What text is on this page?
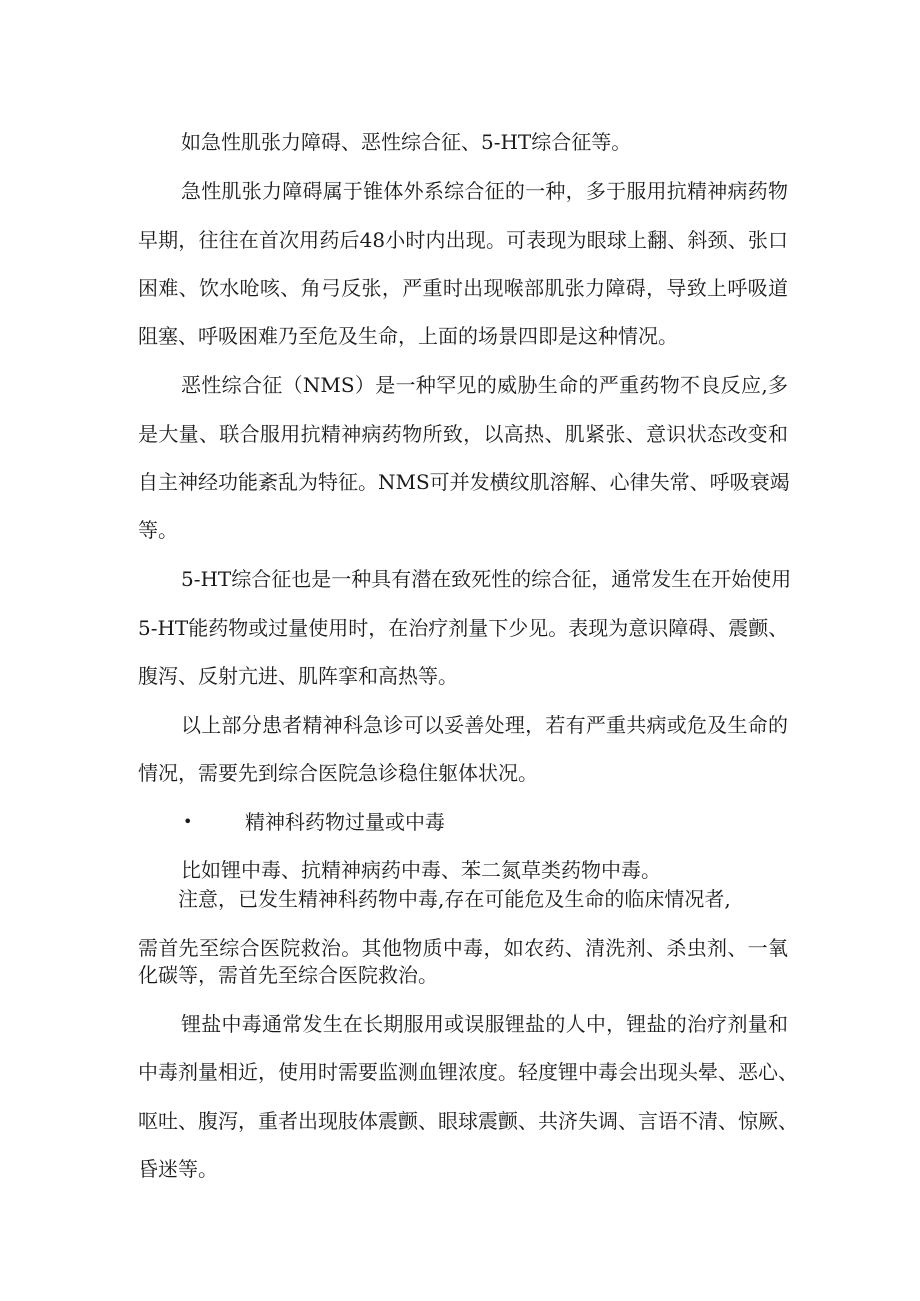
如急性肌张力障碍、恶性综合征、5-HT综合征等。
急性肌张力障碍属于锥体外系综合征的一种，多于服用抗精神病药物
早期，往往在首次用药后48小时内出现。可表现为眼球上翻、斜颈、张口
困难、饮水呛咳、角弓反张，严重时出现喉部肌张力障碍，导致上呼吸道
阻塞、呼吸困难乃至危及生命，上面的场景四即是这种情况。
恶性综合征（NMS）是一种罕见的威胁生命的严重药物不良反应,多
是大量、联合服用抗精神病药物所致，以高热、肌紧张、意识状态改变和
自主神经功能紊乱为特征。NMS可并发横纹肌溶解、心律失常、呼吸衰竭
等。
5-HT综合征也是一种具有潜在致死性的综合征，通常发生在开始使用
5-HT能药物或过量使用时，在治疗剂量下少见。表现为意识障碍、震颤、
腹泻、反射亢进、肌阵挛和高热等。
以上部分患者精神科急诊可以妥善处理，若有严重共病或危及生命的
情况，需要先到综合医院急诊稳住躯体状况。
•	精神科药物过量或中毒
比如锂中毒、抗精神病药中毒、苯二氮草类药物中毒。
注意，已发生精神科药物中毒,存在可能危及生命的临床情况者,
需首先至综合医院救治。其他物质中毒，如农药、清洗剂、杀虫剂、一氧
化碳等，需首先至综合医院救治。
锂盐中毒通常发生在长期服用或误服锂盐的人中，锂盐的治疗剂量和
中毒剂量相近，使用时需要监测血锂浓度。轻度锂中毒会出现头晕、恶心、
呕吐、腹泻，重者出现肢体震颤、眼球震颤、共济失调、言语不清、惊厥、
昏迷等。
